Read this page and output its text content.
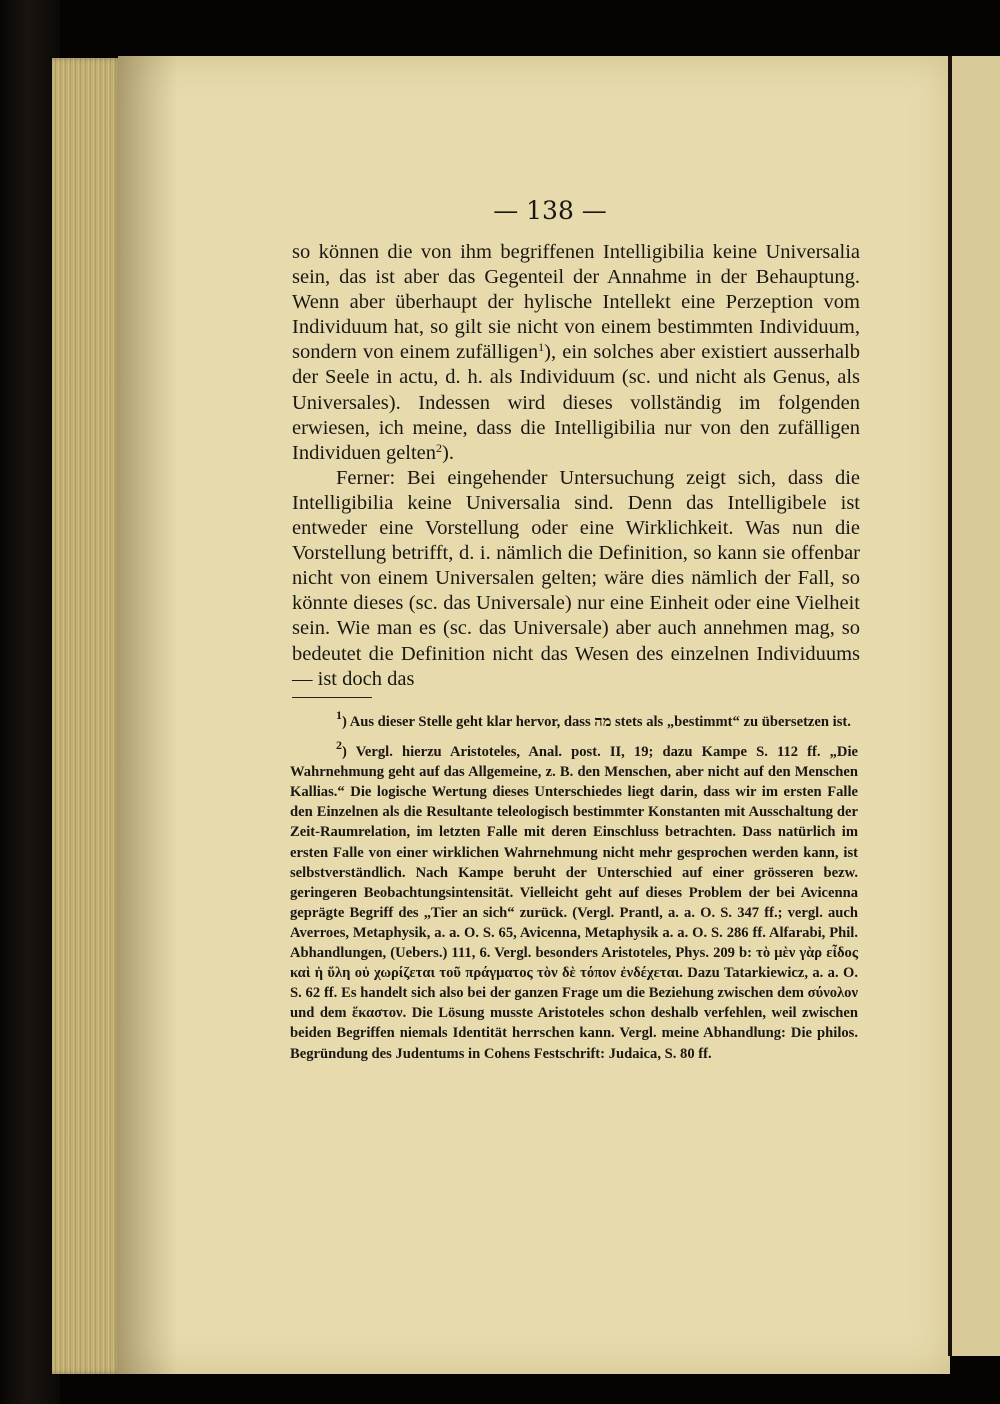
— 138 —

so können die von ihm begriffenen Intelligibilia keine Universalia sein, das ist aber das Gegenteil der Annahme in der Behauptung. Wenn aber überhaupt der hylische Intellekt eine Perzeption vom Individuum hat, so gilt sie nicht von einem bestimmten Individuum, sondern von einem zufälligen$^1$), ein solches aber existiert ausserhalb der Seele in actu, d. h. als Individuum (sc. und nicht als Genus, als Universales). Indessen wird dieses vollständig im folgenden erwiesen, ich meine, dass die Intelligibilia nur von den zufälligen Individuen gelten$^2$).

Ferner: Bei eingehender Untersuchung zeigt sich, dass die Intelligibilia keine Universalia sind. Denn das Intelligibele ist entweder eine Vorstellung oder eine Wirklichkeit. Was nun die Vorstellung betrifft, d. i. nämlich die Definition, so kann sie offenbar nicht von einem Universalen gelten; wäre dies nämlich der Fall, so könnte dieses (sc. das Universale) nur eine Einheit oder eine Vielheit sein. Wie man es (sc. das Universale) aber auch annehmen mag, so bedeutet die Definition nicht das Wesen des einzelnen Individuums — ist doch das

$^1$) Aus dieser Stelle geht klar hervor, dass מה stets als „bestimmt“ zu übersetzen ist.

$^2$) Vergl. hierzu Aristoteles, Anal. post. II, 19; dazu Kampe S. 112 ff. „Die Wahrnehmung geht auf das Allgemeine, z. B. den Menschen, aber nicht auf den Menschen Kallias.“ Die logische Wertung dieses Unterschiedes liegt darin, dass wir im ersten Falle den Einzelnen als die Resultante teleologisch bestimmter Konstanten mit Ausschaltung der Zeit-Raumrelation, im letzten Falle mit deren Einschluss betrachten. Dass natürlich im ersten Falle von einer wirklichen Wahrnehmung nicht mehr gesprochen werden kann, ist selbstverständlich. Nach Kampe beruht der Unterschied auf einer grösseren bezw. geringeren Beobachtungsintensität. Vielleicht geht auf dieses Problem der bei Avicenna geprägte Begriff des „Tier an sich“ zurück. (Vergl. Prantl, a. a. O. S. 347 ff.; vergl. auch Averroes, Metaphysik, a. a. O. S. 65, Avicenna, Metaphysik a. a. O. S. 286 ff. Alfarabi, Phil. Abhandlungen, (Uebers.) 111, 6. Vergl. besonders Aristoteles, Phys. 209 b: τὸ μὲν γὰρ εἶδος καὶ ἡ ὕλη οὐ χωρίζεται τοῦ πράγματος τὸν δὲ τόπον ἐνδέχεται. Dazu Tatarkiewicz, a. a. O. S. 62 ff. Es handelt sich also bei der ganzen Frage um die Beziehung zwischen dem σύνολον und dem ἕκαστον. Die Lösung musste Aristoteles schon deshalb verfehlen, weil zwischen beiden Begriffen niemals Identität herrschen kann. Vergl. meine Abhandlung: Die philos. Begründung des Judentums in Cohens Festschrift: Judaica, S. 80 ff.
